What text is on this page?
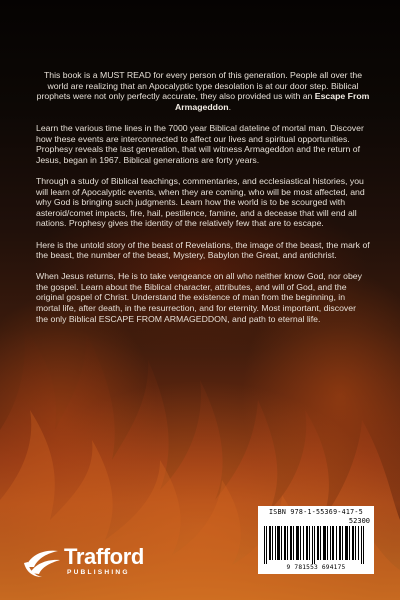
This book is a MUST READ for every person of this generation. People all over the world are realizing that an Apocalyptic type desolation is at our door step. Biblical prophets were not only perfectly accurate, they also provided us with an Escape From Armageddon.

Learn the various time lines in the 7000 year Biblical dateline of mortal man. Discover how these events are interconnected to affect our lives and spiritual opportunities. Prophesy reveals the last generation, that will witness Armageddon and the return of Jesus, began in 1967. Biblical generations are forty years.

Through a study of Biblical teachings, commentaries, and ecclesiastical histories, you will learn of Apocalyptic events, when they are coming, who will be most affected, and why God is bringing such judgments. Learn how the world is to be scourged with asteroid/comet impacts, fire, hail, pestilence, famine, and a decease that will end all nations. Prophesy gives the identity of the relatively few that are to escape.

Here is the untold story of the beast of Revelations, the image of the beast, the mark of the beast, the number of the beast, Mystery, Babylon the Great, and antichrist.

When Jesus returns, He is to take vengeance on all who neither know God, nor obey the gospel. Learn about the Biblical character, attributes, and will of God, and the original gospel of Christ. Understand the existence of man from the beginning, in mortal life, after death, in the resurrection, and for eternity. Most important, discover the only Biblical ESCAPE FROM ARMAGEDDON, and path to eternal life.

ISBN 978-1-55369-417-5
52300
9 781553 694175
Trafford
PUBLISHING
